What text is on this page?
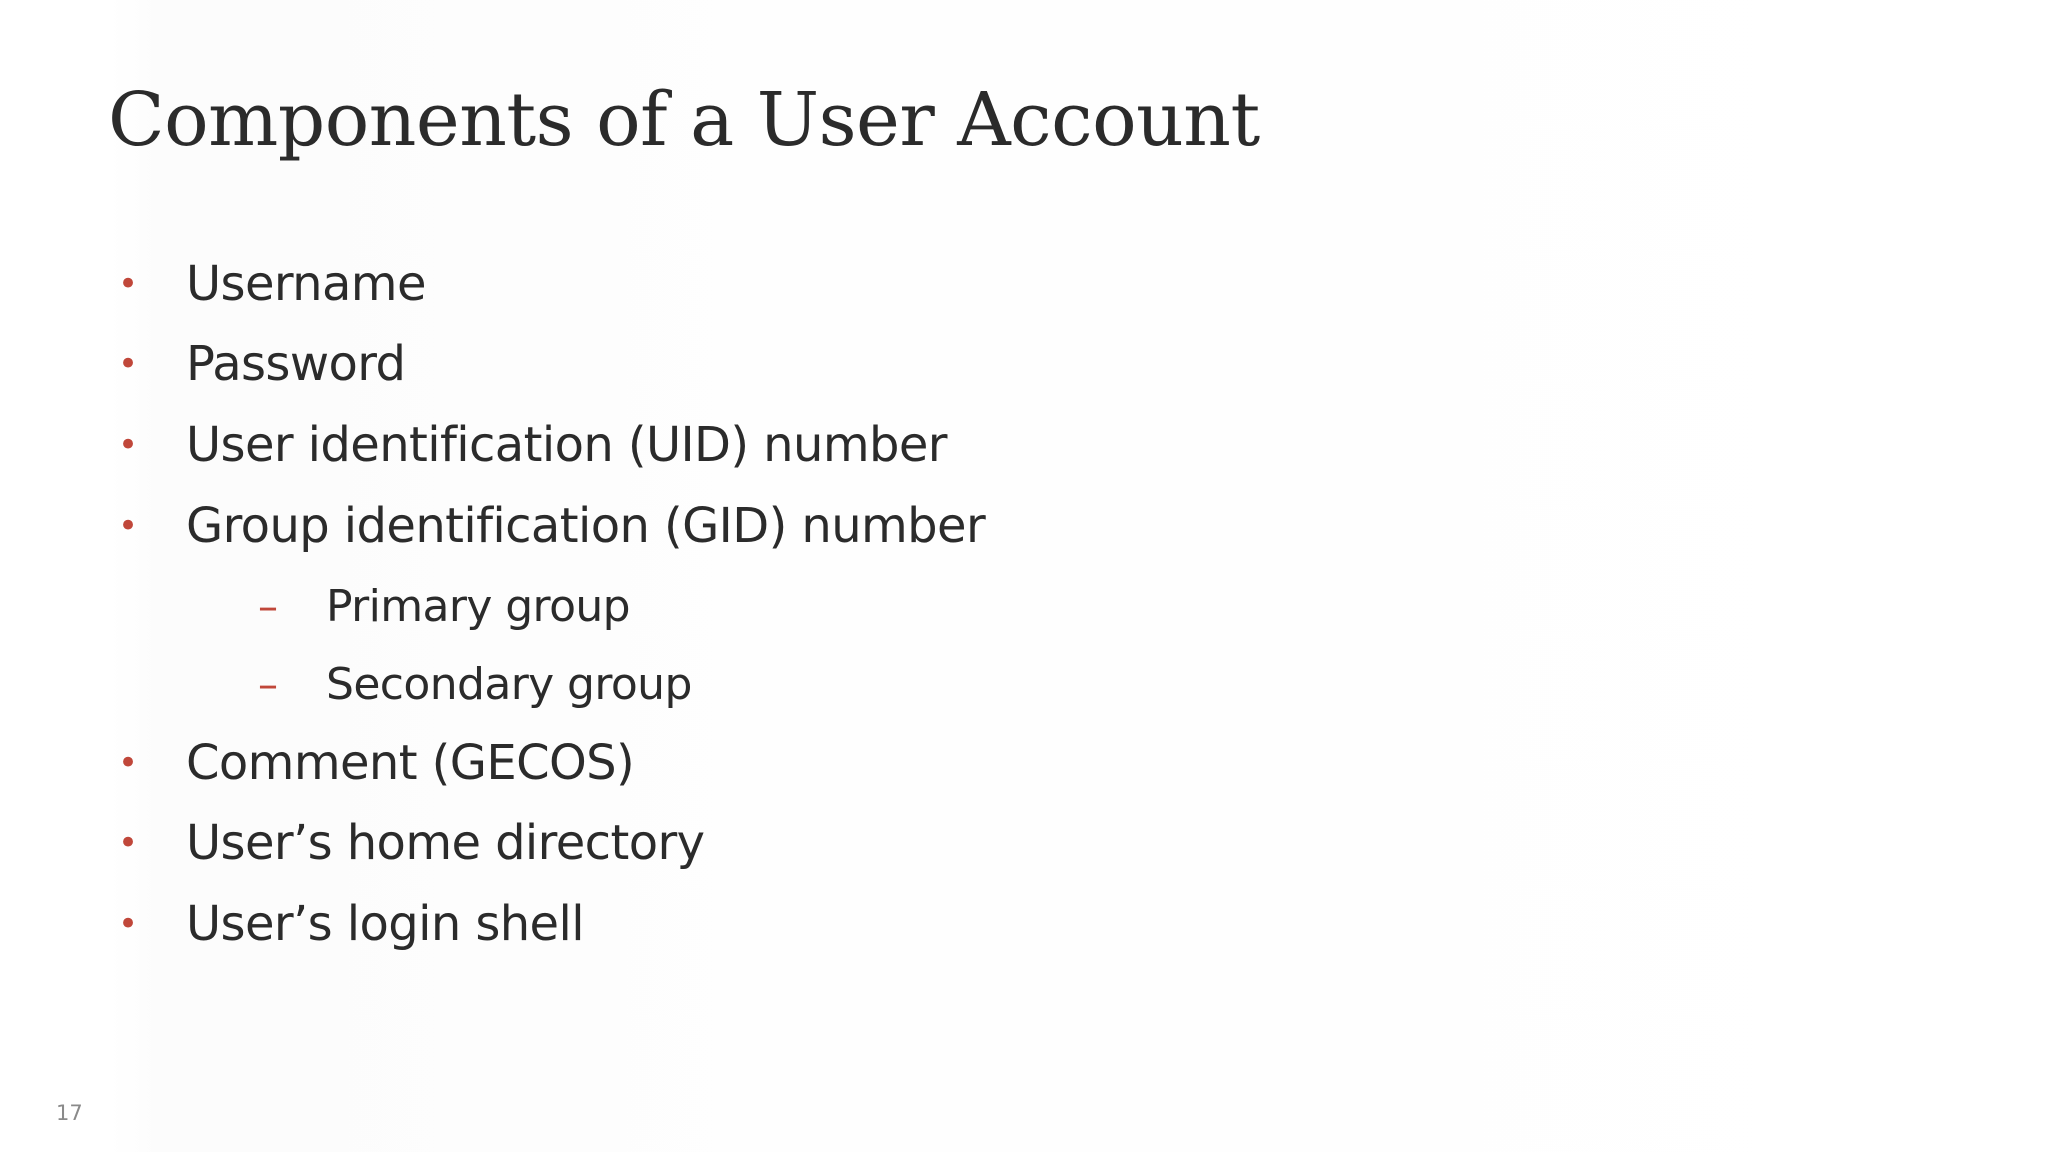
Components of a User Account
• Username
• Password
• User identification (UID) number
• Group identification (GID) number
– Primary group
– Secondary group
• Comment (GECOS)
• User’s home directory
• User’s login shell
17
